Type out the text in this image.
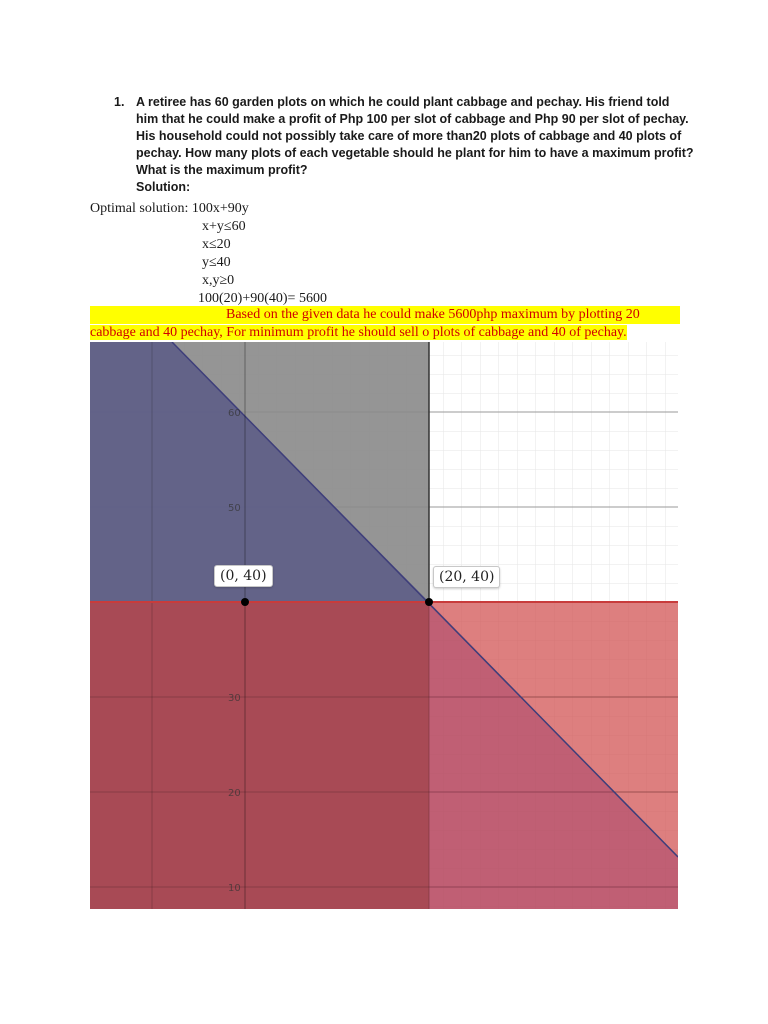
1. A retiree has 60 garden plots on which he could plant cabbage and pechay. His friend told him that he could make a profit of Php 100 per slot of cabbage and Php 90 per slot of pechay. His household could not possibly take care of more than20 plots of cabbage and 40 plots of pechay. How many plots of each vegetable should he plant for him to have a maximum profit? What is the maximum profit?
Solution:
Optimal solution: 100x+90y
x+y≤60
x≤20
y≤40
x,y≥0
100(20)+90(40)= 5600
Based on the given data he could make 5600php maximum by plotting 20
cabbage and 40 pechay, For minimum profit he should sell o plots of cabbage and 40 of pechay.
60
50
30
20
10
(0, 40)	(20, 40)
